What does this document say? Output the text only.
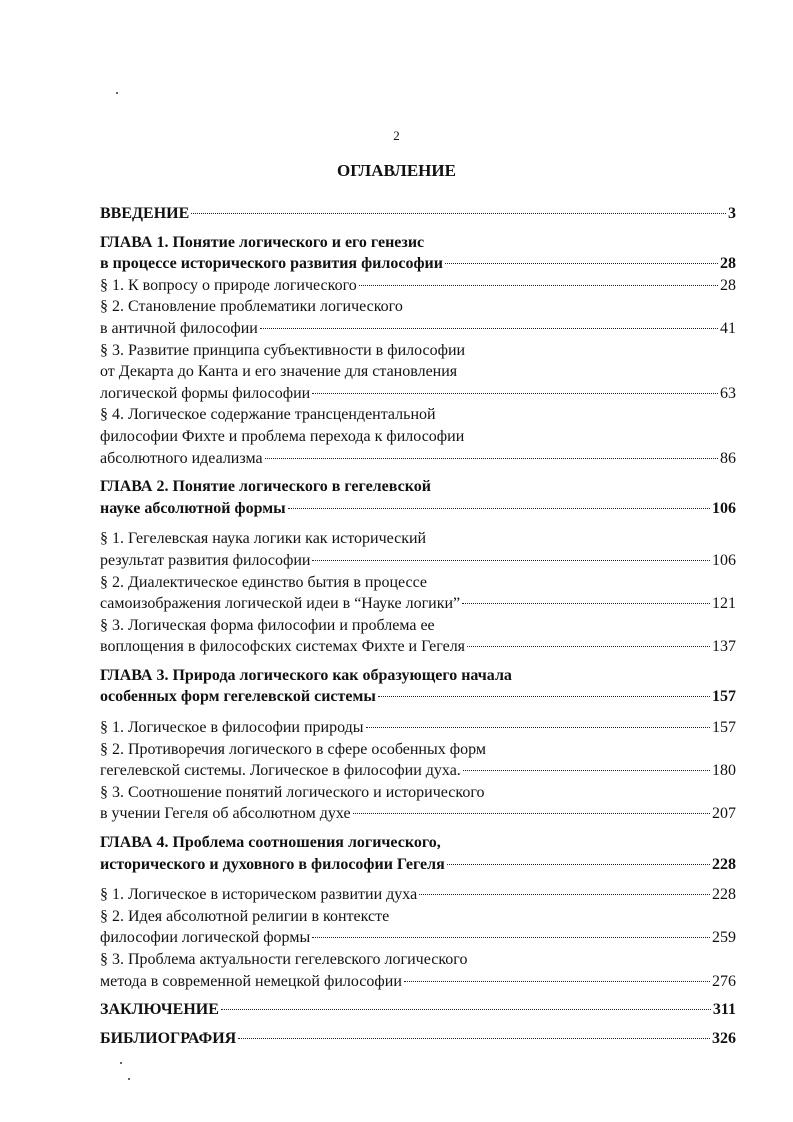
2
ОГЛАВЛЕНИЕ
ВВЕДЕНИЕ	3
ГЛАВА 1. Понятие логического и его генезис
в процессе исторического развития философии	28
§ 1. К вопросу о природе логического	28
§ 2. Становление проблематики логического
в античной философии	41
§ 3. Развитие принципа субъективности в философии
от Декарта до Канта и его значение для становления
логической формы философии	63
§ 4. Логическое содержание трансцендентальной
философии Фихте и проблема перехода к философии
абсолютного идеализма	86
ГЛАВА 2. Понятие логического в гегелевской
науке абсолютной формы	106
§ 1. Гегелевская наука логики как исторический
результат развития философии	106
§ 2. Диалектическое единство бытия в процессе
самоизображения логической идеи в “Науке логики”	121
§ 3. Логическая форма философии и проблема ее
воплощения в философских системах Фихте и Гегеля	137
ГЛАВА 3. Природа логического как образующего начала
особенных форм гегелевской системы	157
§ 1. Логическое в философии природы	157
§ 2. Противоречия логического в сфере особенных форм
гегелевской системы. Логическое в философии духа.	180
§ 3. Соотношение понятий логического и исторического
в учении Гегеля об абсолютном духе	207
ГЛАВА 4. Проблема соотношения логического,
исторического и духовного в философии Гегеля	228
§ 1. Логическое в историческом развитии духа	228
§ 2. Идея абсолютной религии в контексте
философии логической формы	259
§ 3. Проблема актуальности гегелевского логического
метода в современной немецкой философии	276
ЗАКЛЮЧЕНИЕ	311
БИБЛИОГРАФИЯ	326
